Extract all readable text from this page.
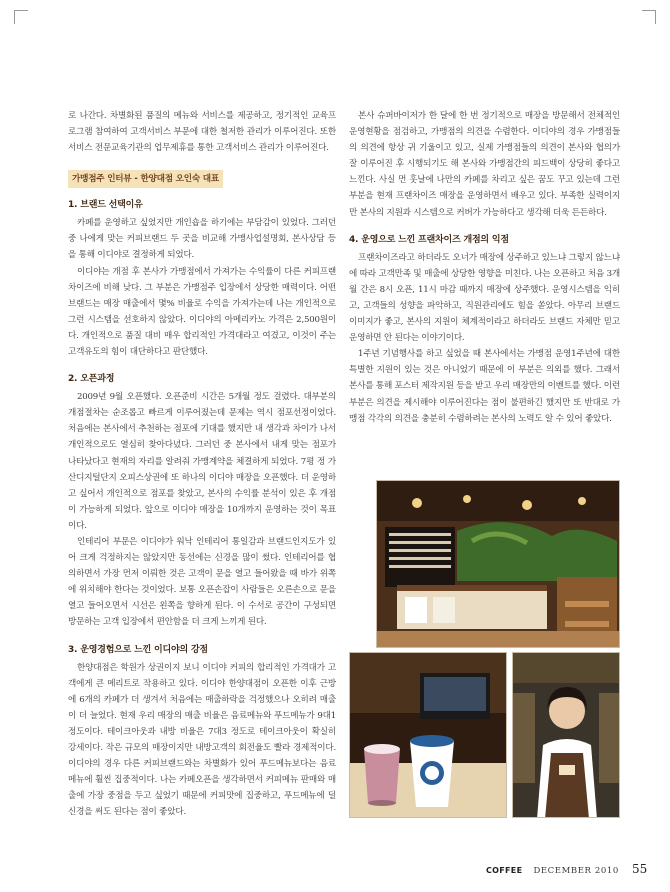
로 나간다. 차별화된 품질의 메뉴와 서비스를 제공하고, 정기적인 교육프로그램 참여하여 고객서비스 부문에 대한 철저한 관리가 이루어진다. 또한 서비스 전문교육기관의 업무제휴를 통한 고객서비스 관리가 이루어진다.

가맹점주 인터뷰 - 한양대점 오인숙 대표
1. 브랜드 선택이유

카페를 운영하고 싶었지만 개인숍을 하기에는 부담감이 있었다. 그러던 중 나에게 맞는 커피브랜드 두 곳을 비교해 가맹사업설명회, 본사상담 등을 통해 이디야로 결정하게 되었다.

이디야는 개점 후 본사가 가맹점에서 가져가는 수익률이 다른 커피프랜차이즈에 비해 낮다. 그 부분은 가맹점주 입장에서 상당한 매력이다. 어떤 브랜드는 매장 매출에서 몇% 비율로 수익을 가져가는데 나는 개인적으로 그런 시스템을 선호하지 않았다. 이디야의 아메리카노 가격은 2,500원이다. 개인적으로 품질 대비 매우 합리적인 가격대라고 여겼고, 이것이 주는 고객유도의 힘이 대단하다고 판단했다.

2. 오픈과정

2009년 9월 오픈했다. 오픈준비 시간은 5개월 정도 걸렸다. 대부분의 개점절차는 순조롭고 빠르게 이루어졌는데 문제는 역시 점포선정이었다. 처음에는 본사에서 추천하는 점포에 기대를 했지만 내 생각과 차이가 나서 개인적으로도 열심히 찾아다녔다. 그러던 중 본사에서 내게 맞는 점포가 나타났다고 현재의 자리를 알려줘 가맹계약을 체결하게 되었다. 7평 정 가산디지털단지 오피스상권에 또 하나의 이디야 매장을 오픈했다. 더 운영하고 싶어서 개인적으로 점포를 찾았고, 본사의 수익률 분석이 있은 후 개점이 가능하게 되었다. 앞으로 이디야 매장을 10개까지 운영하는 것이 목표이다.

인테리어 부문은 이디야가 워낙 인테리어 통일감과 브랜드인지도가 있어 크게 걱정하지는 않았지만 동선에는 신경을 많이 썼다. 인테리어를 협의하면서 가장 먼저 이뤄한 것은 고객이 문을 열고 들어왔을 때 바가 위쪽에 위치해야 한다는 것이었다. 보통 오픈손잡이 사람들은 오른손으로 문을 열고 들어오면서 시선은 왼쪽을 향하게 된다. 이 수서로 공간이 구성되면 방문하는 고객 입장에서 편안함을 더 크게 느끼게 된다.

3. 운영경험으로 느낀 이디야의 강점

한양대점은 학원가 상권이지 보니 이디야 커피의 합리적인 가격대가 고객에게 큰 메리트로 작용하고 있다. 이디야 한양대점이 오픈한 이후 근방에 6개의 카페가 더 생겨서 처음에는 매출하락을 걱정했으나 오히려 매출이 더 늘었다. 현재 우리 매장의 매출 비율은 음료메뉴와 푸드메뉴가 9대1 정도이다. 테이크아웃과 내방 비율은 7대3 정도로 테이크아웃이 확실히 강세이다. 작은 규모의 매장이지만 내방고객의 회전율도 빨라 경제적이다. 이디야의 경우 다른 커피브랜드와는 차별화가 있어 푸드메뉴보다는 음료메뉴에 훨씬 집중적이다. 나는 카페오픈을 생각하면서 커피메뉴 판매와 매출에 가장 중점을 두고 싶었기 때문에 커피맛에 집중하고, 푸드메뉴에 덜 신경을 써도 된다는 점이 좋았다.

본사 슈퍼바이저가 한 달에 한 번 정기적으로 매장을 방문해서 전체적인 운영현황을 점검하고, 가맹점의 의견을 수렴한다. 이디야의 경우 가맹점들의 의견에 항상 귀 기울이고 있고, 실제 가맹점들의 의견이 본사와 협의가 잘 이루어진 후 시행되기도 해 본사와 가맹점간의 피드백이 상당히 좋다고 느낀다. 사실 먼 훗날에 나만의 카페를 차리고 싶은 꿈도 꾸고 있는데 그런 부분을 현재 프랜차이즈 매장을 운영하면서 배우고 있다. 부족한 실력이지만 본사의 지원과 시스템으로 커버가 가능하다고 생각해 더욱 든든하다.

4. 운영으로 느낀 프랜차이즈 개점의 익점

프랜차이즈라고 하더라도 오너가 매장에 상주하고 있느냐 그렇지 않느냐에 따라 고객만족 및 매출에 상당한 영향을 미친다. 나는 오픈하고 처음 3개 월 간은 8시 오픈, 11시 마감 때까지 매장에 상주했다. 운영시스템을 익히고, 고객들의 성향을 파악하고, 직원관리에도 힘을 쏟았다. 아무리 브랜드 이미지가 좋고, 본사의 지원이 체계적이라고 하더라도 브랜드 자체만 믿고 운영하면 안 된다는 이야기이다.

1주년 기념행사를 하고 싶었을 때 본사에서는 가맹점 운영1주년에 대한 특별한 지원이 있는 것은 아니었기 때문에 이 부분은 의외를 했다. 그래서 본사를 통해 포스터 제작지원 등을 받고 우리 매장만의 이벤트를 했다. 이런 부분은 의견을 제시해야 이루어진다는 점이 불편하긴 했지만 또 반대로 가맹점 각각의 의견을 충분히 수렴하려는 본사의 노력도 알 수 있어 좋았다.

COFFEE DECEMBER 2010 55
